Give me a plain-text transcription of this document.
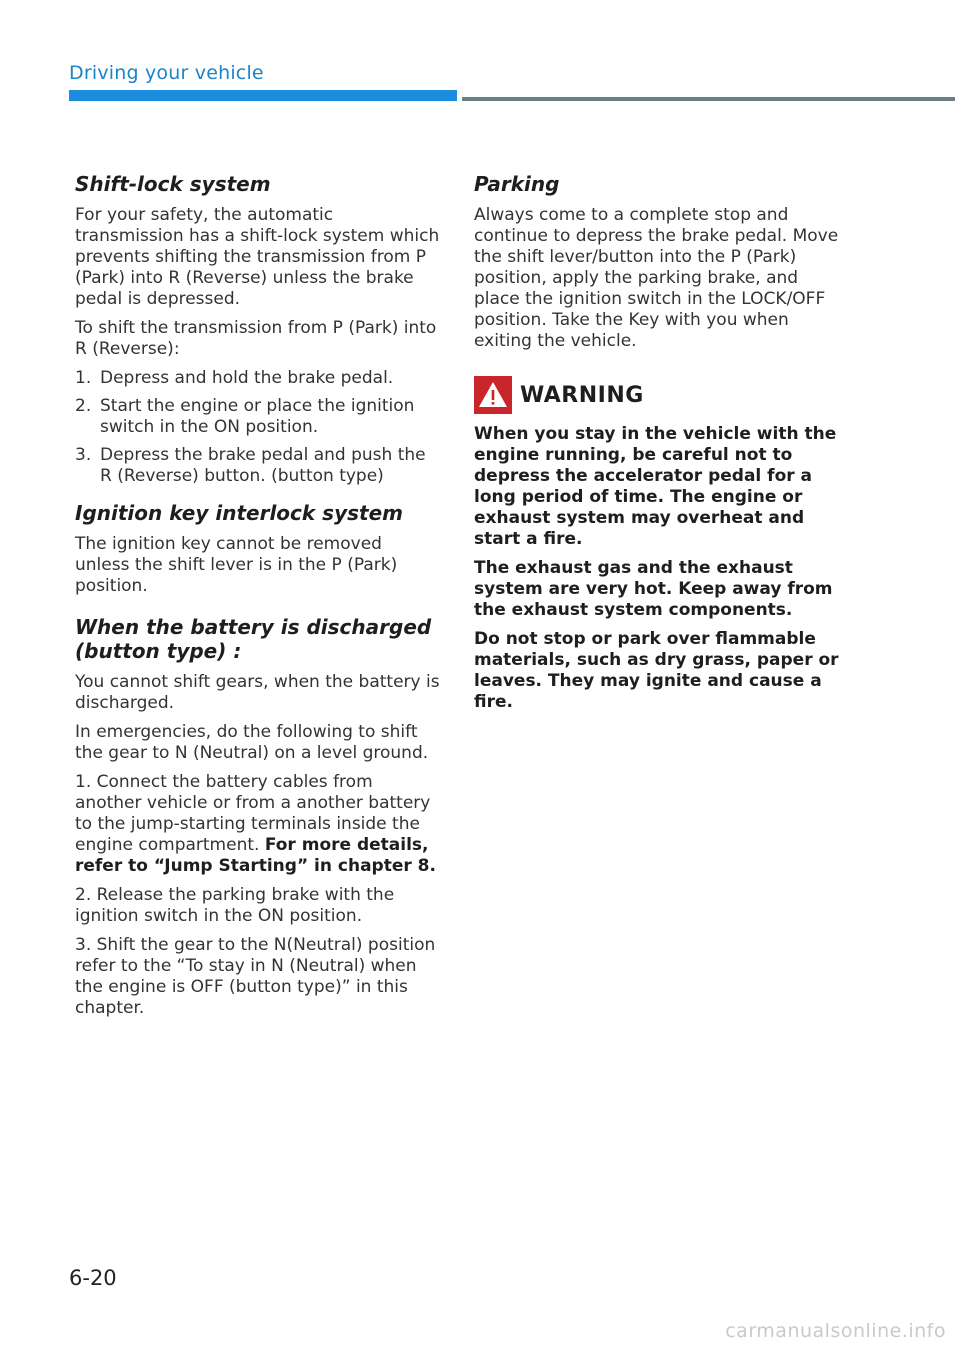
Driving your vehicle
Shift-lock system

For your safety, the automatic transmission has a shift-lock system which prevents shifting the transmission from P (Park) into R (Reverse) unless the brake pedal is depressed.

To shift the transmission from P (Park) into R (Reverse):

1. Depress and hold the brake pedal.
2. Start the engine or place the ignition switch in the ON position.
3. Depress the brake pedal and push the R (Reverse) button. (button type)
Ignition key interlock system

The ignition key cannot be removed unless the shift lever is in the P (Park) position.

When the battery is discharged (button type) :

You cannot shift gears, when the battery is discharged.

In emergencies, do the following to shift the gear to N (Neutral) on a level ground.

1. Connect the battery cables from another vehicle or from a another battery to the jump-starting terminals inside the engine compartment. For more details, refer to “Jump Starting” in chapter 8.

2. Release the parking brake with the ignition switch in the ON position.

3. Shift the gear to the N(Neutral) position refer to the “To stay in N (Neutral) when the engine is OFF (button type)” in this chapter.

Parking

Always come to a complete stop and continue to depress the brake pedal. Move the shift lever/button into the P (Park) position, apply the parking brake, and place the ignition switch in the LOCK/OFF position. Take the Key with you when exiting the vehicle.

WARNING

When you stay in the vehicle with the engine running, be careful not to depress the accelerator pedal for a long period of time. The engine or exhaust system may overheat and start a fire.

The exhaust gas and the exhaust system are very hot. Keep away from the exhaust system components.

Do not stop or park over flammable materials, such as dry grass, paper or leaves. They may ignite and cause a fire.

6-20
carmanualsonline.info
